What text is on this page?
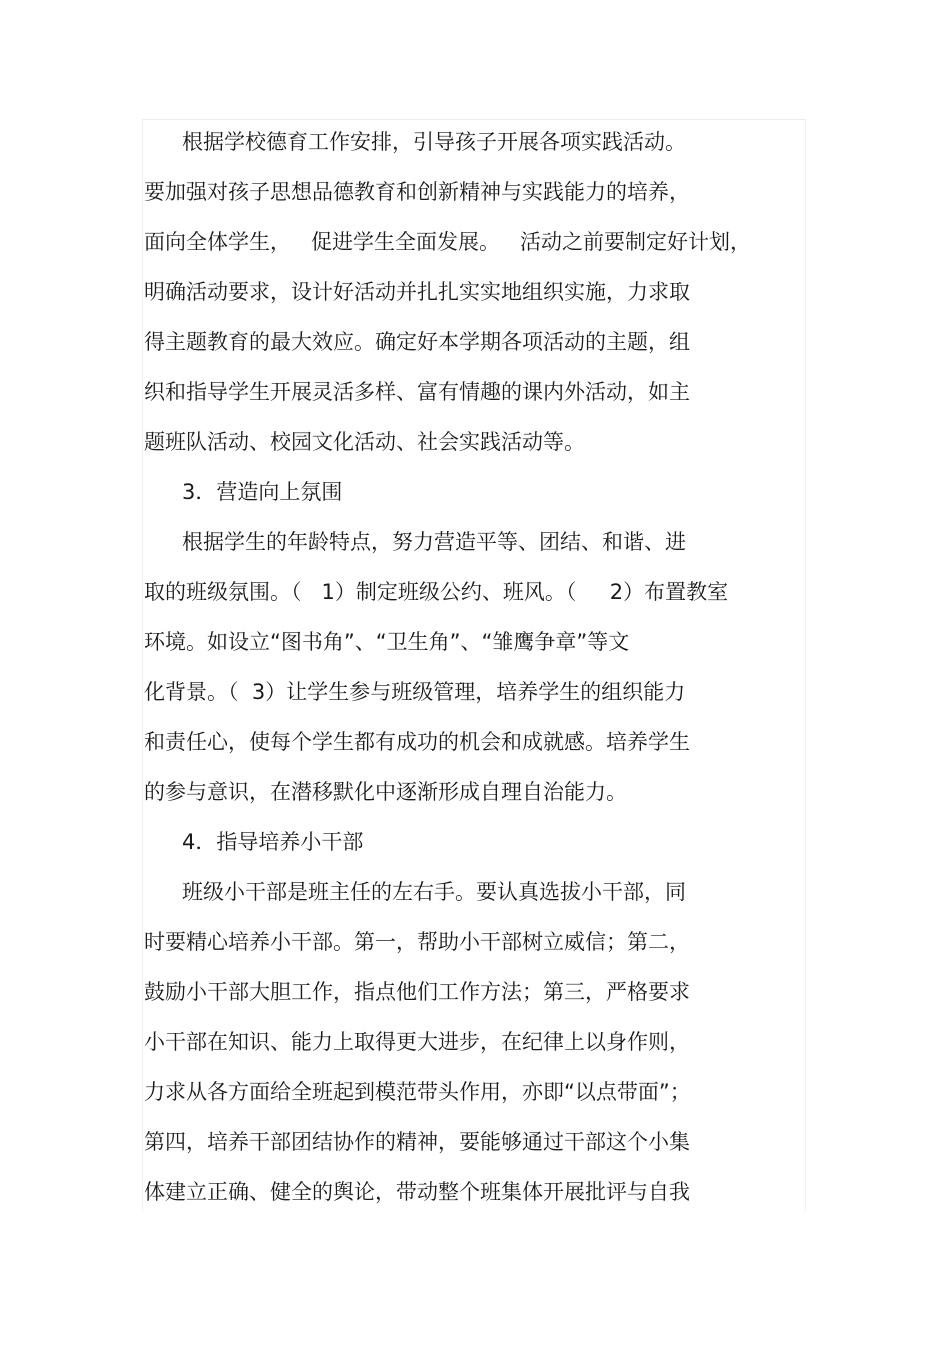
根据学校德育工作安排，引导孩子开展各项实践活动。
要加强对孩子思想品德教育和创新精神与实践能力的培养，
面向全体学生，   促进学生全面发展。   活动之前要制定好计划，
明确活动要求，设计好活动并扎扎实实地组织实施，力求取
得主题教育的最大效应。确定好本学期各项活动的主题，组
织和指导学生开展灵活多样、富有情趣的课内外活动，如主
题班队活动、校园文化活动、社会实践活动等。
3．营造向上氛围
根据学生的年龄特点，努力营造平等、团结、和谐、进
取的班级氛围。（   1）制定班级公约、班风。（     2）布置教室
环境。如设立“图书角”、“卫生角”、“雏鹰争章”等文
化背景。（  3）让学生参与班级管理，培养学生的组织能力
和责任心，使每个学生都有成功的机会和成就感。培养学生
的参与意识，在潜移默化中逐渐形成自理自治能力。
4．指导培养小干部
班级小干部是班主任的左右手。要认真选拔小干部，同
时要精心培养小干部。第一，帮助小干部树立威信；第二，
鼓励小干部大胆工作，指点他们工作方法；第三，严格要求
小干部在知识、能力上取得更大进步，在纪律上以身作则，
力求从各方面给全班起到模范带头作用，亦即“以点带面”；
第四，培养干部团结协作的精神，要能够通过干部这个小集
体建立正确、健全的舆论，带动整个班集体开展批评与自我
